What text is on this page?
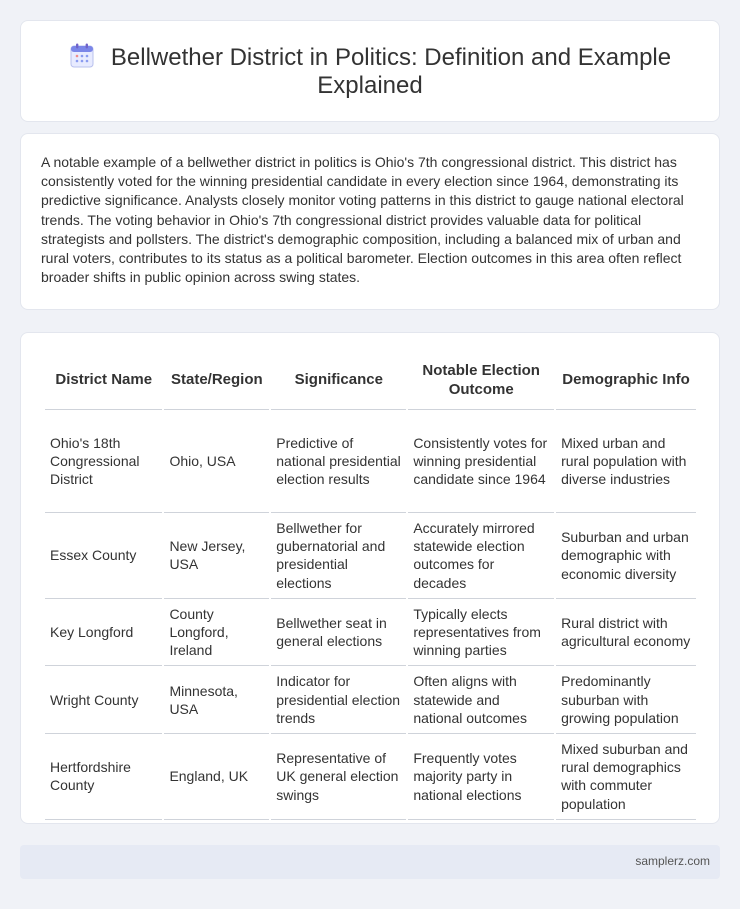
Bellwether District in Politics: Definition and Example Explained

A notable example of a bellwether district in politics is Ohio's 7th congressional district. This district has consistently voted for the winning presidential candidate in every election since 1964, demonstrating its predictive significance. Analysts closely monitor voting patterns in this district to gauge national electoral trends. The voting behavior in Ohio's 7th congressional district provides valuable data for political strategists and pollsters. The district's demographic composition, including a balanced mix of urban and rural voters, contributes to its status as a political barometer. Election outcomes in this area often reflect broader shifts in public opinion across swing states.

District Name	State/Region	Significance	Notable Election Outcome	Demographic Info
Ohio's 18th Congressional District	Ohio, USA	Predictive of national presidential election results	Consistently votes for winning presidential candidate since 1964	Mixed urban and rural population with diverse industries
Essex County	New Jersey, USA	Bellwether for gubernatorial and presidential elections	Accurately mirrored statewide election outcomes for decades	Suburban and urban demographic with economic diversity
Key Longford	County Longford, Ireland	Bellwether seat in general elections	Typically elects representatives from winning parties	Rural district with agricultural economy
Wright County	Minnesota, USA	Indicator for presidential election trends	Often aligns with statewide and national outcomes	Predominantly suburban with growing population
Hertfordshire County	England, UK	Representative of UK general election swings	Frequently votes majority party in national elections	Mixed suburban and rural demographics with commuter population
samplerz.com
